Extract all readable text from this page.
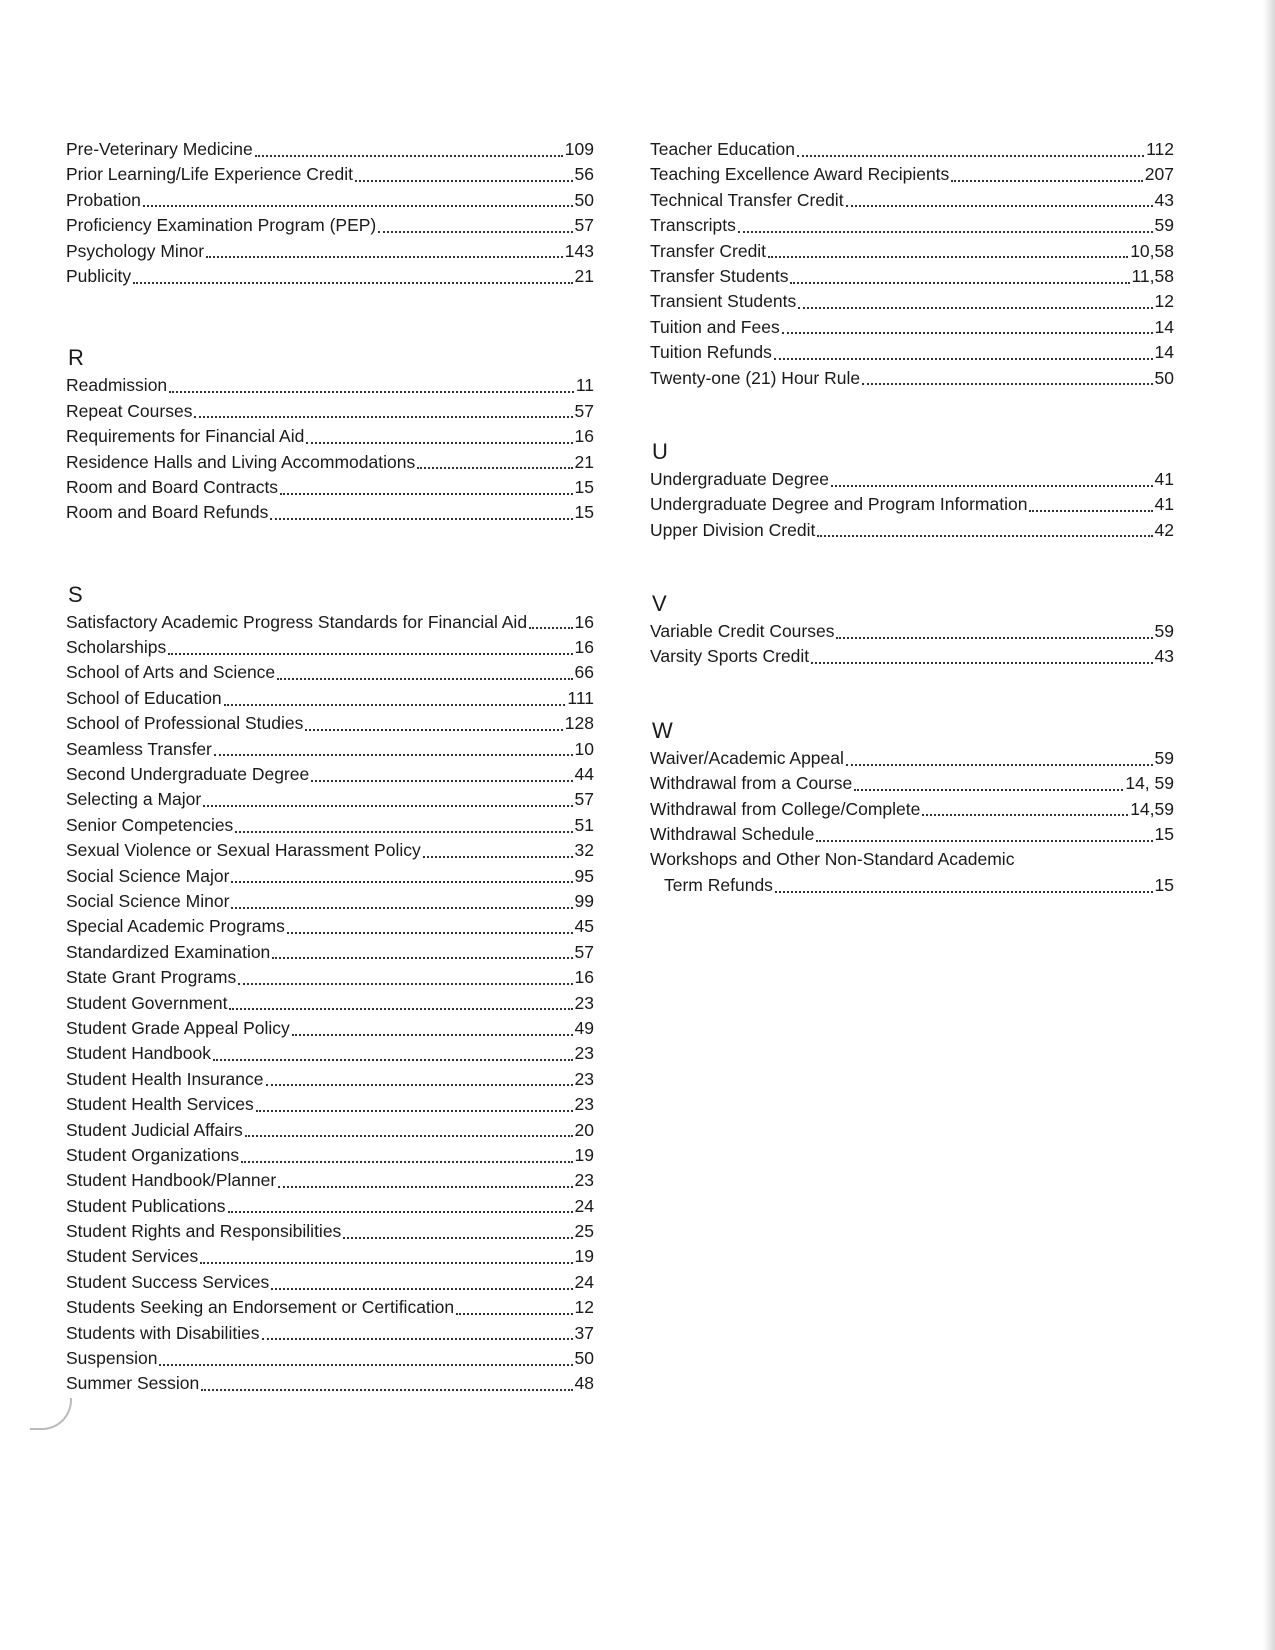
Pre-Veterinary Medicine	109
Prior Learning/Life Experience Credit	56
Probation	50
Proficiency Examination Program (PEP)	57
Psychology Minor	143
Publicity	21
R
Readmission	11
Repeat Courses	57
Requirements for Financial Aid	16
Residence Halls and Living Accommodations	21
Room and Board Contracts	15
Room and Board Refunds	15
S
Satisfactory Academic Progress Standards for Financial Aid	16
Scholarships	16
School of Arts and Science	66
School of Education	111
School of Professional Studies	128
Seamless Transfer	10
Second Undergraduate Degree	44
Selecting a Major	57
Senior Competencies	51
Sexual Violence or Sexual Harassment Policy	32
Social Science Major	95
Social Science Minor	99
Special Academic Programs	45
Standardized Examination	57
State Grant Programs	16
Student Government	23
Student Grade Appeal Policy	49
Student Handbook	23
Student Health Insurance	23
Student Health Services	23
Student Judicial Affairs	20
Student Organizations	19
Student Handbook/Planner	23
Student Publications	24
Student Rights and Responsibilities	25
Student Services	19
Student Success Services	24
Students Seeking an Endorsement or Certification	12
Students with Disabilities	37
Suspension	50
Summer Session	48
Teacher Education	112
Teaching Excellence Award Recipients	207
Technical Transfer Credit	43
Transcripts	59
Transfer Credit	10,58
Transfer Students	11,58
Transient Students	12
Tuition and Fees	14
Tuition Refunds	14
Twenty-one (21) Hour Rule	50
U
Undergraduate Degree	41
Undergraduate Degree and Program Information	41
Upper Division Credit	42
V
Variable Credit Courses	59
Varsity Sports Credit	43
W
Waiver/Academic Appeal	59
Withdrawal from a Course	14, 59
Withdrawal from College/Complete	14,59
Withdrawal Schedule	15
Workshops and Other Non-Standard Academic
Term Refunds	15
